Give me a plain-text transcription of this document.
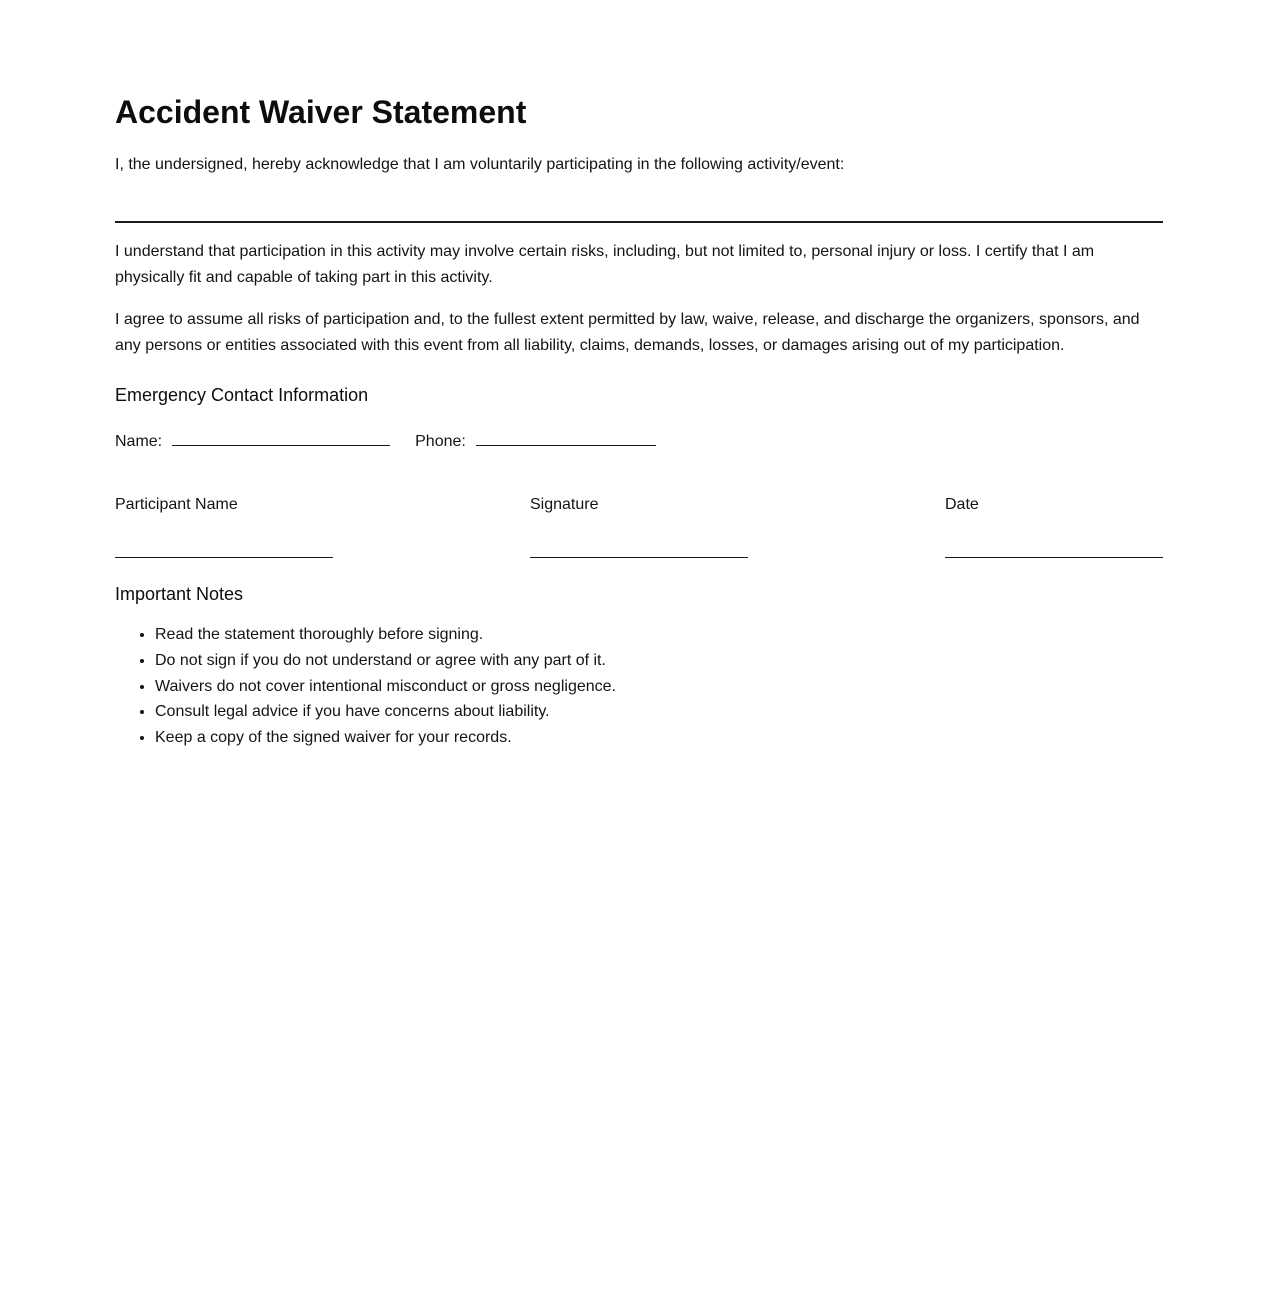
Accident Waiver Statement

I, the undersigned, hereby acknowledge that I am voluntarily participating in the following activity/event:

I understand that participation in this activity may involve certain risks, including, but not limited to, personal injury or loss. I certify that I am physically fit and capable of taking part in this activity.

I agree to assume all risks of participation and, to the fullest extent permitted by law, waive, release, and discharge the organizers, sponsors, and any persons or entities associated with this event from all liability, claims, demands, losses, or damages arising out of my participation.

Emergency Contact Information
Name:	Phone:
Participant Name	Signature	Date
Important Notes
• Read the statement thoroughly before signing.
• Do not sign if you do not understand or agree with any part of it.
• Waivers do not cover intentional misconduct or gross negligence.
• Consult legal advice if you have concerns about liability.
• Keep a copy of the signed waiver for your records.
